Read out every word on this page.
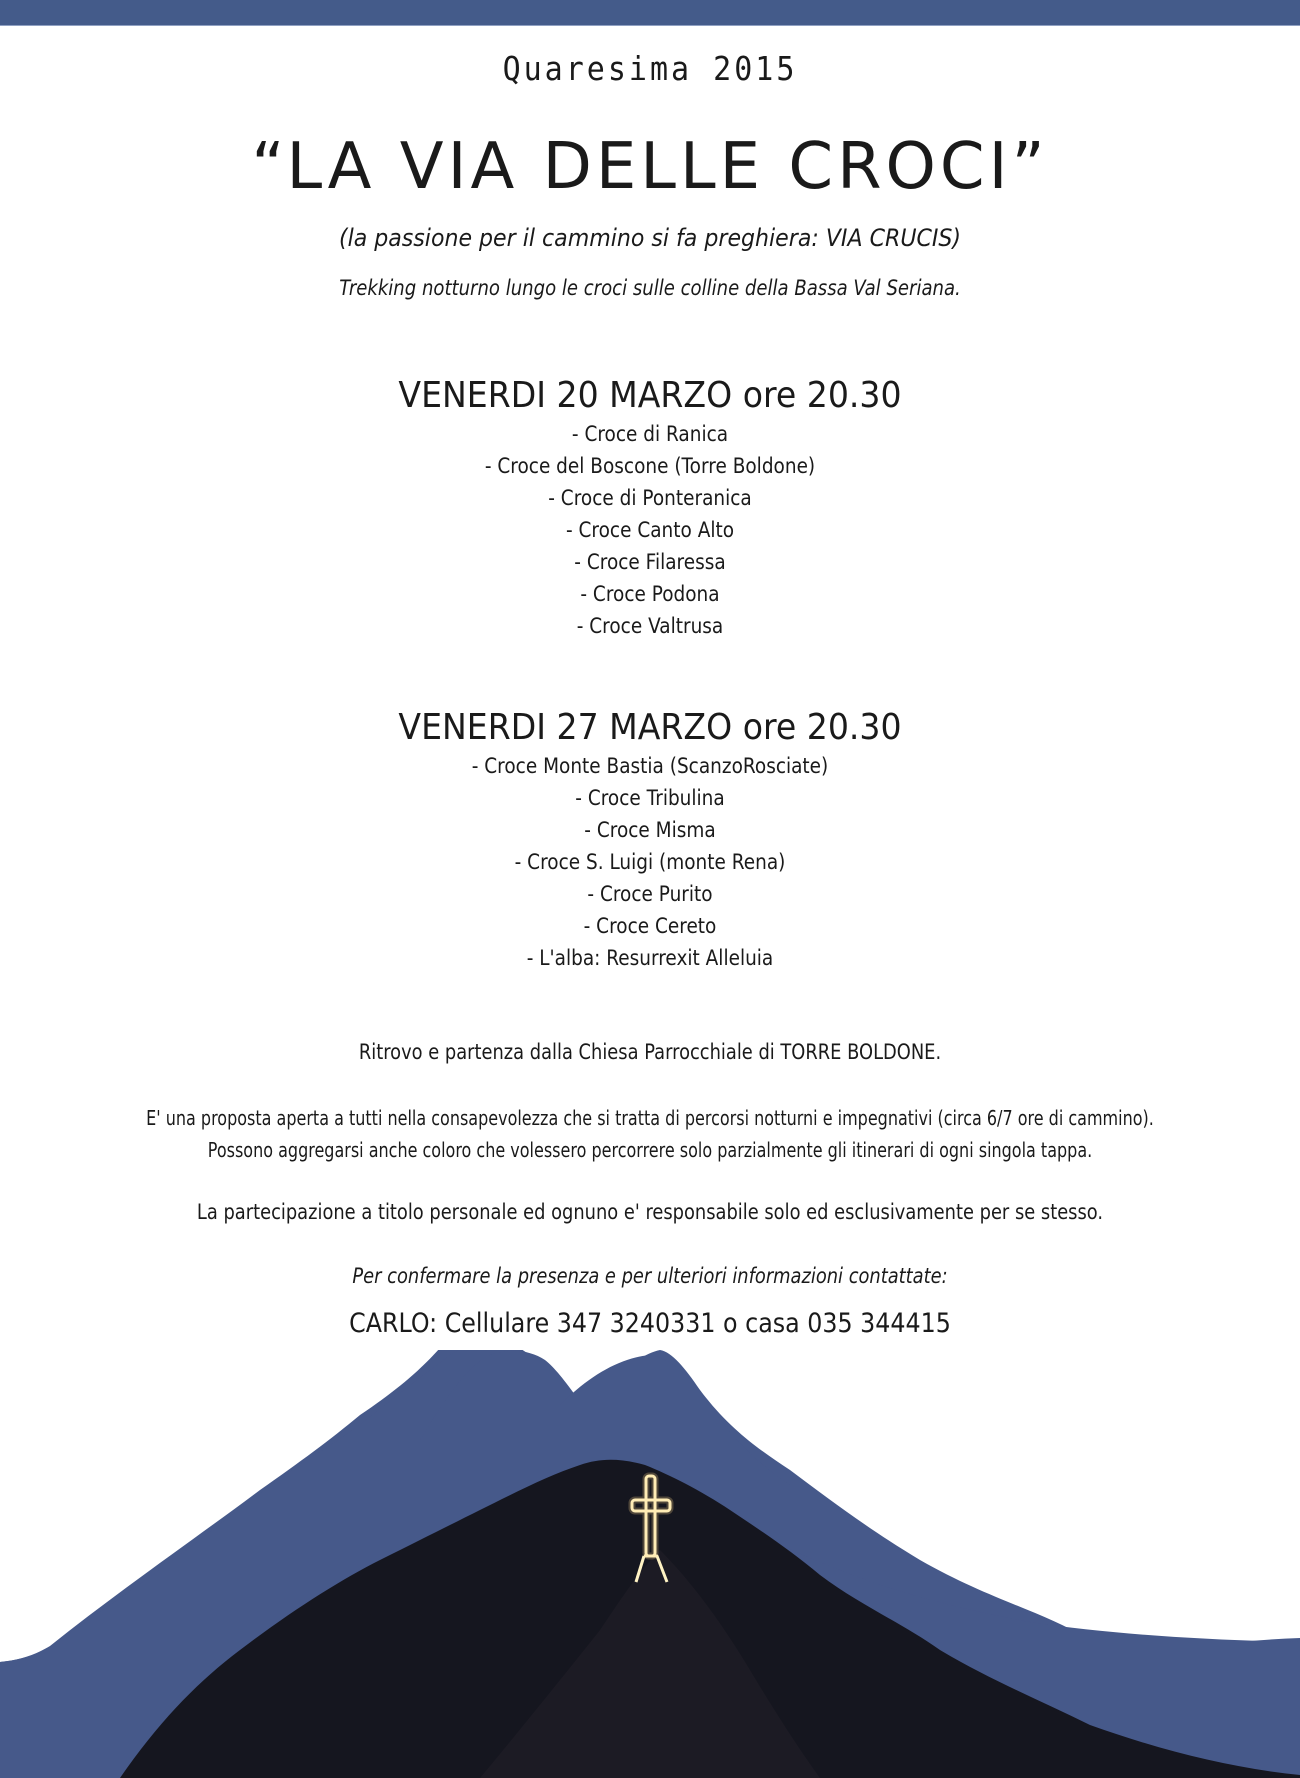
Quaresima 2015
“LA VIA DELLE CROCI”
(la passione per il cammino si fa preghiera: VIA CRUCIS)
Trekking notturno lungo le croci sulle colline della Bassa Val Seriana.
VENERDI 20 MARZO ore 20.30
- Croce di Ranica
- Croce del Boscone (Torre Boldone)
- Croce di Ponteranica
- Croce Canto Alto
- Croce Filaressa
- Croce Podona
- Croce Valtrusa
VENERDI 27 MARZO ore 20.30
- Croce Monte Bastia (ScanzoRosciate)
- Croce Tribulina
- Croce Misma
- Croce S. Luigi (monte Rena)
- Croce Purito
- Croce Cereto
- L'alba: Resurrexit Alleluia
Ritrovo e partenza dalla Chiesa Parrocchiale di TORRE BOLDONE.
E' una proposta aperta a tutti nella consapevolezza che si tratta di percorsi notturni e impegnativi (circa 6/7 ore di cammino).
Possono aggregarsi anche coloro che volessero percorrere solo parzialmente gli itinerari di ogni singola tappa.
La partecipazione a titolo personale ed ognuno e' responsabile solo ed esclusivamente per se stesso.
Per confermare la presenza e per ulteriori informazioni contattate:
CARLO: Cellulare 347 3240331 o casa 035 344415
